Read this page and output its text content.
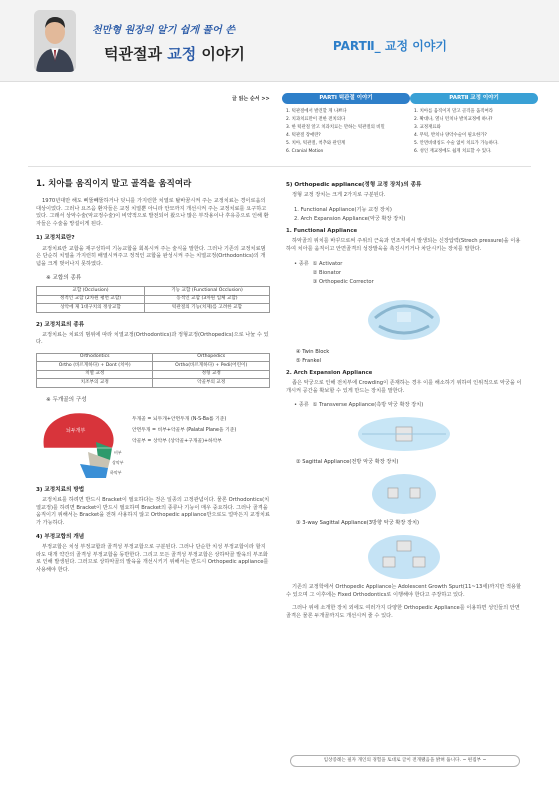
천만형 원장의 알기 쉽게 풀어 쓴
턱관절과 교정 이야기	PARTⅡ_ 교정 이야기
글 읽는 순서 >>	PARTⅠ 턱관절 이야기
1. 턱관절에서 발견할 게 나쁘다
2. 치과치료만이 전한 전치의다
3. 한 턱관절 알고 치과치료는 만하는 턱관절의 비밀
4. 턱관절 장애란?
5. 치아, 턱관절, 척추와 관연계
6. Cranial Motion
PARTⅡ 교정 이야기
1. 치아를 움직이지 말고 골격을 움직여라
2. 확대나, 열니 턴치나 발치교정에 하나?
3. 교정재료와
4. 무턱, 반치나 양악수술이 필요한가?
5. 안면비대칭도 수술 없이 치료가 가능하다.
6. 성인 재교정에도 쉽게 치료할 수 있다.
1. 치아를 움직이지 말고 골격을 움직여라

1970년대만 해도 삐뚤빼뚤하거나 덧니를 가지런한 치열로 탈바꿈시켜 주는 교정치료는 경이로움의 대상이었다. 그러나 요즈음 환자들은 교정 치열뿐 아니라 안모까지 개선시켜 주는 교정치료를 요구하고 있다. 그래서 상악수술(악교정수술)이 비약적으로 발전되어 왔으나 많은 부작용이나 후유증으로 인해 환자들은 수술을 망설이게 된다.

1) 교정치료란?

교정치료란 교합을 재구성하여 기능교합을 회복시켜 주는 술식을 말한다. 그러나 기존의 교정치료범은 단순히 치열을 가지런히 배열시켜주고 정적인 교합을 완성시켜 주는 치열교정(Orthodontics)의 개념을 크게 벗어나지 못하였다.

※ 교합의 종류
교합 (Occlusion)	기능 교합 (Functional Occlusion)
정적인 교합 (2차원 평면 교합)	동적인 교합 (3차원 입체 교합)
상악에 제 1대구치의 정상교합	턱관절의 기능(치제)를 고려한 교합
2) 교정치료의 종류

교정치료는 치료의 범위에 따라 치열교정(Orthodontics)과 정형교정(Orthopedics)으로 나눌 수 있다.

Orthodontics	Orthopedics
Ortho (바르게하다) + Dont (치아)	Ortho(바르게하다) + Pedi(어린이)
치열 교정	정형 교정
치조부의 교정	악골부의 교정
※ 두개골의 구성
뇌두개부
비부
상악부
하악부
두개골 = 뇌두개+안면두개 (N-S-Ba를 기준)
안면두개 = 비부+악골부 (Palatal Plane을 기준)
악골부 = 상악부 (상악골+구개골)+하악부
3) 교정치료의 방법

교정치료를 하려면 반드시 Bracket이 필요하다는 것은 일종의 고정관념이다. 물론 Orthodontics(치열교정)를 하려면 Bracket이 반드시 필요하며 Bracket의 종류나 기능이 매우 중요하다. 그러나 골격을 움직이기 위해서는 Bracket을 전혀 사용하지 않고 Orthopedic appliance만으로도 얼마든지 교정치료가 가능하다.

4) 부정교합의 개념

부정교합은 치성 부정교합과 골격성 부정교합으로 구분된다. 그러나 단순한 치성 부정교합이라 할지라도 대개 약간의 골격성 부정교합을 동반한다. 그리고 모든 골격성 부정교합은 상하악골 발육의 부조화로 인해 발생된다. 그러므로 상하악골의 발육을 개선시키기 위해서는 반드시 Orthopedic appliance를 사용해야 한다.

5) Orthopedic appliance(정형 교정 장치)의 종류

정형 교정 장치는 크게 2가지로 구분된다.

1. Functional Appliance(기능 교정 장치)
2. Arch Expansion Appliance(악궁 확장 장치)
1. Functional Appliance

하악골의 위치를 바꾸므로써 주위의 근육과 연조직에서 발생되는 신장압력(Strech pressure)을 이용하여 치아를 움직이고 안면골격의 성장발육을 촉진시키거나 차단시키는 장치를 말한다.

• 종류 ① Activator
② Bionator
③ Orthopedic Corrector
④ Twin Block
⑤ Frankel
2. Arch Expansion Appliance

좁은 악궁으로 인해 전치부에 Crowding이 존재하는 경우 이를 해소하기 위하여 인위적으로 악궁을 이개시켜 공간을 확보할 수 있게 만드는 장치를 말한다.

• 종류 ① Transverse Appliance(측방 악궁 확장 장치)
② Sagittal Appliance(전방 악궁 확장 장치)
③ 3-way Sagittal Appliance(3방향 악궁 확장 장치)

기존의 교정학에서 Orthopedic Appliance는 Adolescent Growth Spurt(11~13세)까지만 적용할 수 있으며 그 이후에는 Fixed Orthodontics로 이행해야 한다고 주장하고 있다.

그러나 위에 소개한 장치 외에도 여러가지 다양한 Orthopedic Appliance를 이용하면 성인들의 안면골격은 물론 두개골까지도 개선시켜 줄 수 있다.

임상증례는 필자 개인의 경험을 토대로 글이 전개됐음을 밝혀 둡니다. ~ 편집부 ~
